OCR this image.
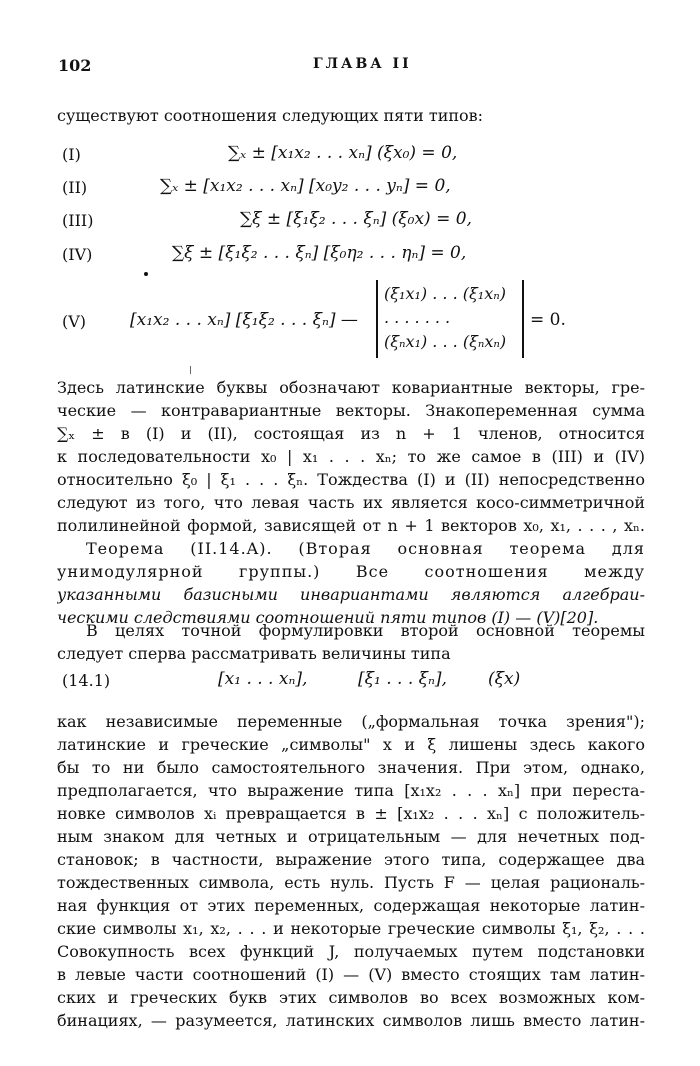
102	ГЛАВА II
существуют соотношения следующих пяти типов:
(I)	∑ₓ ± [x₁x₂ . . . xₙ] (ξx₀) = 0,
(II)	∑ₓ ± [x₁x₂ . . . xₙ] [x₀y₂ . . . yₙ] = 0,
(III)	∑ξ ± [ξ₁ξ₂ . . . ξₙ] (ξ₀x) = 0,
(IV)	∑ξ ± [ξ₁ξ₂ . . . ξₙ] [ξ₀η₂ . . . ηₙ] = 0,
(V)	[x₁x₂ . . . xₙ] [ξ₁ξ₂ . . . ξₙ] —
(ξ₁x₁) . . . (ξ₁xₙ)
. . . . . . .
(ξₙx₁) . . . (ξₙxₙ)
= 0.
Здесь латинские буквы обозначают ковариантные векторы, гре-
ческие — контравариантные векторы. Знакопеременная сумма
∑ₓ ± в (I) и (II), состоящая из n + 1 членов, относится
к последовательности x₀ | x₁ . . . xₙ; то же самое в (III) и (IV)
относительно ξ₀ | ξ₁ . . . ξₙ. Тождества (I) и (II) непосредственно
следуют из того, что левая часть их является косо-симметричной
полилинейной формой, зависящей от n + 1 векторов x₀, x₁, . . . , xₙ.
Теорема (II.14.A). (Вторая основная теорема для
унимодулярной группы.) Все соотношения между
указанными базисными инвариантами являются алгебраи-
ческими следствиями соотношений пяти типов (I) — (V)[20].
В целях точной формулировки второй основной теоремы
следует сперва рассматривать величины типа
(14.1)	[x₁ . . . xₙ],	[ξ₁ . . . ξₙ], (ξx)
как независимые переменные („формальная точка зрения");
латинские и греческие „символы" x и ξ лишены здесь какого
бы то ни было самостоятельного значения. При этом, однако,
предполагается, что выражение типа [x₁x₂ . . . xₙ] при переста-
новке символов xᵢ превращается в ± [x₁x₂ . . . xₙ] с положитель-
ным знаком для четных и отрицательным — для нечетных под-
становок; в частности, выражение этого типа, содержащее два
тождественных символа, есть нуль. Пусть F — целая рациональ-
ная функция от этих переменных, содержащая некоторые латин-
ские символы x₁, x₂, . . . и некоторые греческие символы ξ₁, ξ₂, . . .
Совокупность всех функций J, получаемых путем подстановки
в левые части соотношений (I) — (V) вместо стоящих там латин-
ских и греческих букв этих символов во всех возможных ком-
бинациях, — разумеется, латинских символов лишь вместо латин-
